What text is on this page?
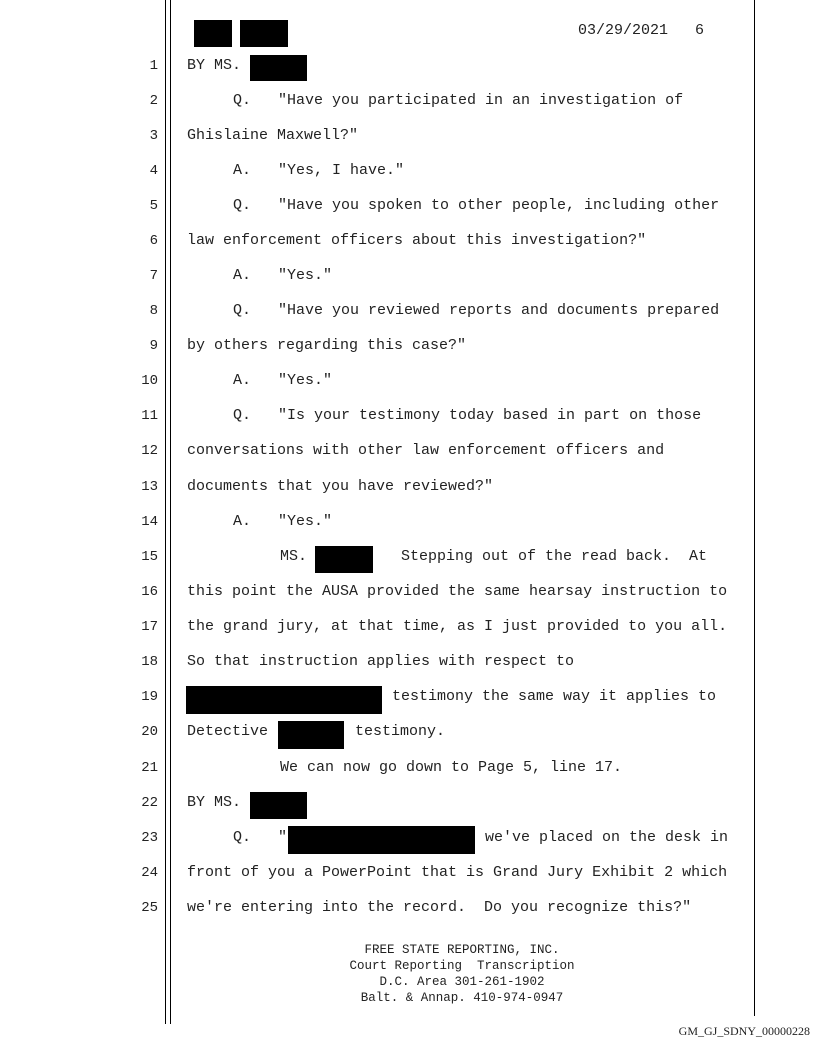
03/29/2021 6
1
2
3
4
5
6
7
8
9
10
11
12
13
14
15
16
17
18
19
20
21
22
23
24
25
BY MS.
Q.   "Have you participated in an investigation of
Ghislaine Maxwell?"
A.   "Yes, I have."
Q.   "Have you spoken to other people, including other
law enforcement officers about this investigation?"
A.   "Yes."
Q.   "Have you reviewed reports and documents prepared
by others regarding this case?"
A.   "Yes."
Q.   "Is your testimony today based in part on those
conversations with other law enforcement officers and
documents that you have reviewed?"
A.   "Yes."
MS.	Stepping out of the read back.  At
this point the AUSA provided the same hearsay instruction to
the grand jury, at that time, as I just provided to you all.
So that instruction applies with respect to
testimony the same way it applies to
Detective	testimony.
We can now go down to Page 5, line 17.
BY MS.
Q.   "	we've placed on the desk in
front of you a PowerPoint that is Grand Jury Exhibit 2 which
we're entering into the record.  Do you recognize this?"
FREE STATE REPORTING, INC.
Court Reporting  Transcription
D.C. Area 301-261-1902
Balt. & Annap. 410-974-0947
GM_GJ_SDNY_00000228
